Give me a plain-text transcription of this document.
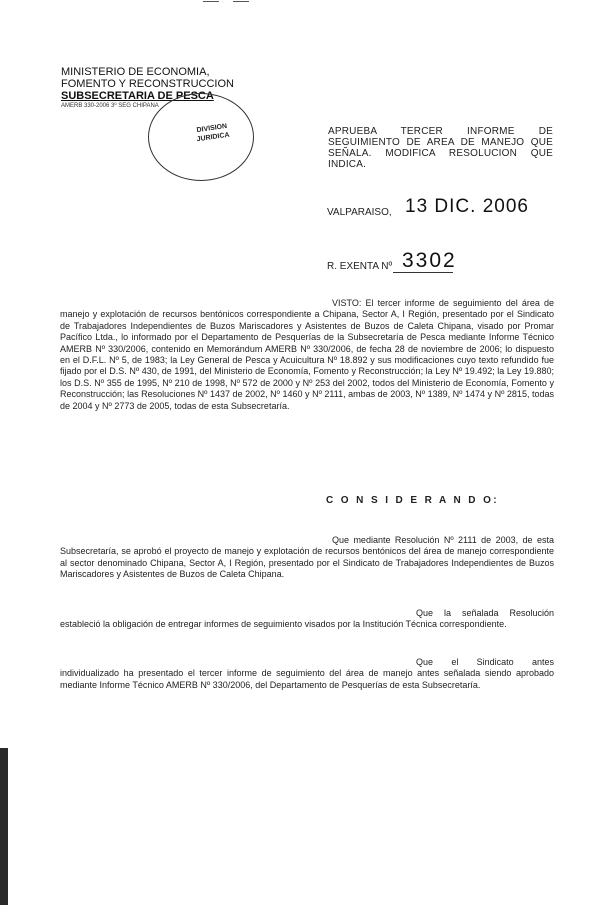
MINISTERIO DE ECONOMIA,
FOMENTO Y RECONSTRUCCION
SUBSECRETARIA DE PESCA
AMERB 330-2006 3º SEG CHIPANA
DIVISION
JURIDICA
APRUEBA TERCER INFORME DE SEGUIMIENTO DE AREA DE MANEJO QUE SEÑALA. MODIFICA RESOLUCION QUE INDICA.
VALPARAISO, 13 DIC. 2006
R. EXENTA Nº 3302
VISTO: El tercer informe de seguimiento del área de manejo y explotación de recursos bentónicos correspondiente a Chipana, Sector A, I Región, presentado por el Sindicato de Trabajadores Independientes de Buzos Mariscadores y Asistentes de Buzos de Caleta Chipana, visado por Promar Pacífico Ltda., lo informado por el Departamento de Pesquerías de la Subsecretaría de Pesca mediante Informe Técnico AMERB Nº 330/2006, contenido en Memorándum AMERB Nº 330/2006, de fecha 28 de noviembre de 2006; lo dispuesto en el D.F.L. Nº 5, de 1983; la Ley General de Pesca y Acuicultura Nº 18.892 y sus modificaciones cuyo texto refundido fue fijado por el D.S. Nº 430, de 1991, del Ministerio de Economía, Fomento y Reconstrucción; la Ley Nº 19.492; la Ley 19.880; los D.S. Nº 355 de 1995, Nº 210 de 1998, Nº 572 de 2000 y Nº 253 del 2002, todos del Ministerio de Economía, Fomento y Reconstrucción; las Resoluciones Nº 1437 de 2002, Nº 1460 y Nº 2111, ambas de 2003, Nº 1389, Nº 1474 y Nº 2815, todas de 2004 y Nº 2773 de 2005, todas de esta Subsecretaría.
C O N S I D E R A N D O:
Que mediante Resolución Nº 2111 de 2003, de esta Subsecretaría, se aprobó el proyecto de manejo y explotación de recursos bentónicos del área de manejo correspondiente al sector denominado Chipana, Sector A, I Región, presentado por el Sindicato de Trabajadores Independientes de Buzos Mariscadores y Asistentes de Buzos de Caleta Chipana.
Que la señalada Resolución estableció la obligación de entregar informes de seguimiento visados por la Institución Técnica correspondiente.
Que el Sindicato antes individualizado ha presentado el tercer informe de seguimiento del área de manejo antes señalada siendo aprobado mediante Informe Técnico AMERB Nº 330/2006, del Departamento de Pesquerías de esta Subsecretaría.
